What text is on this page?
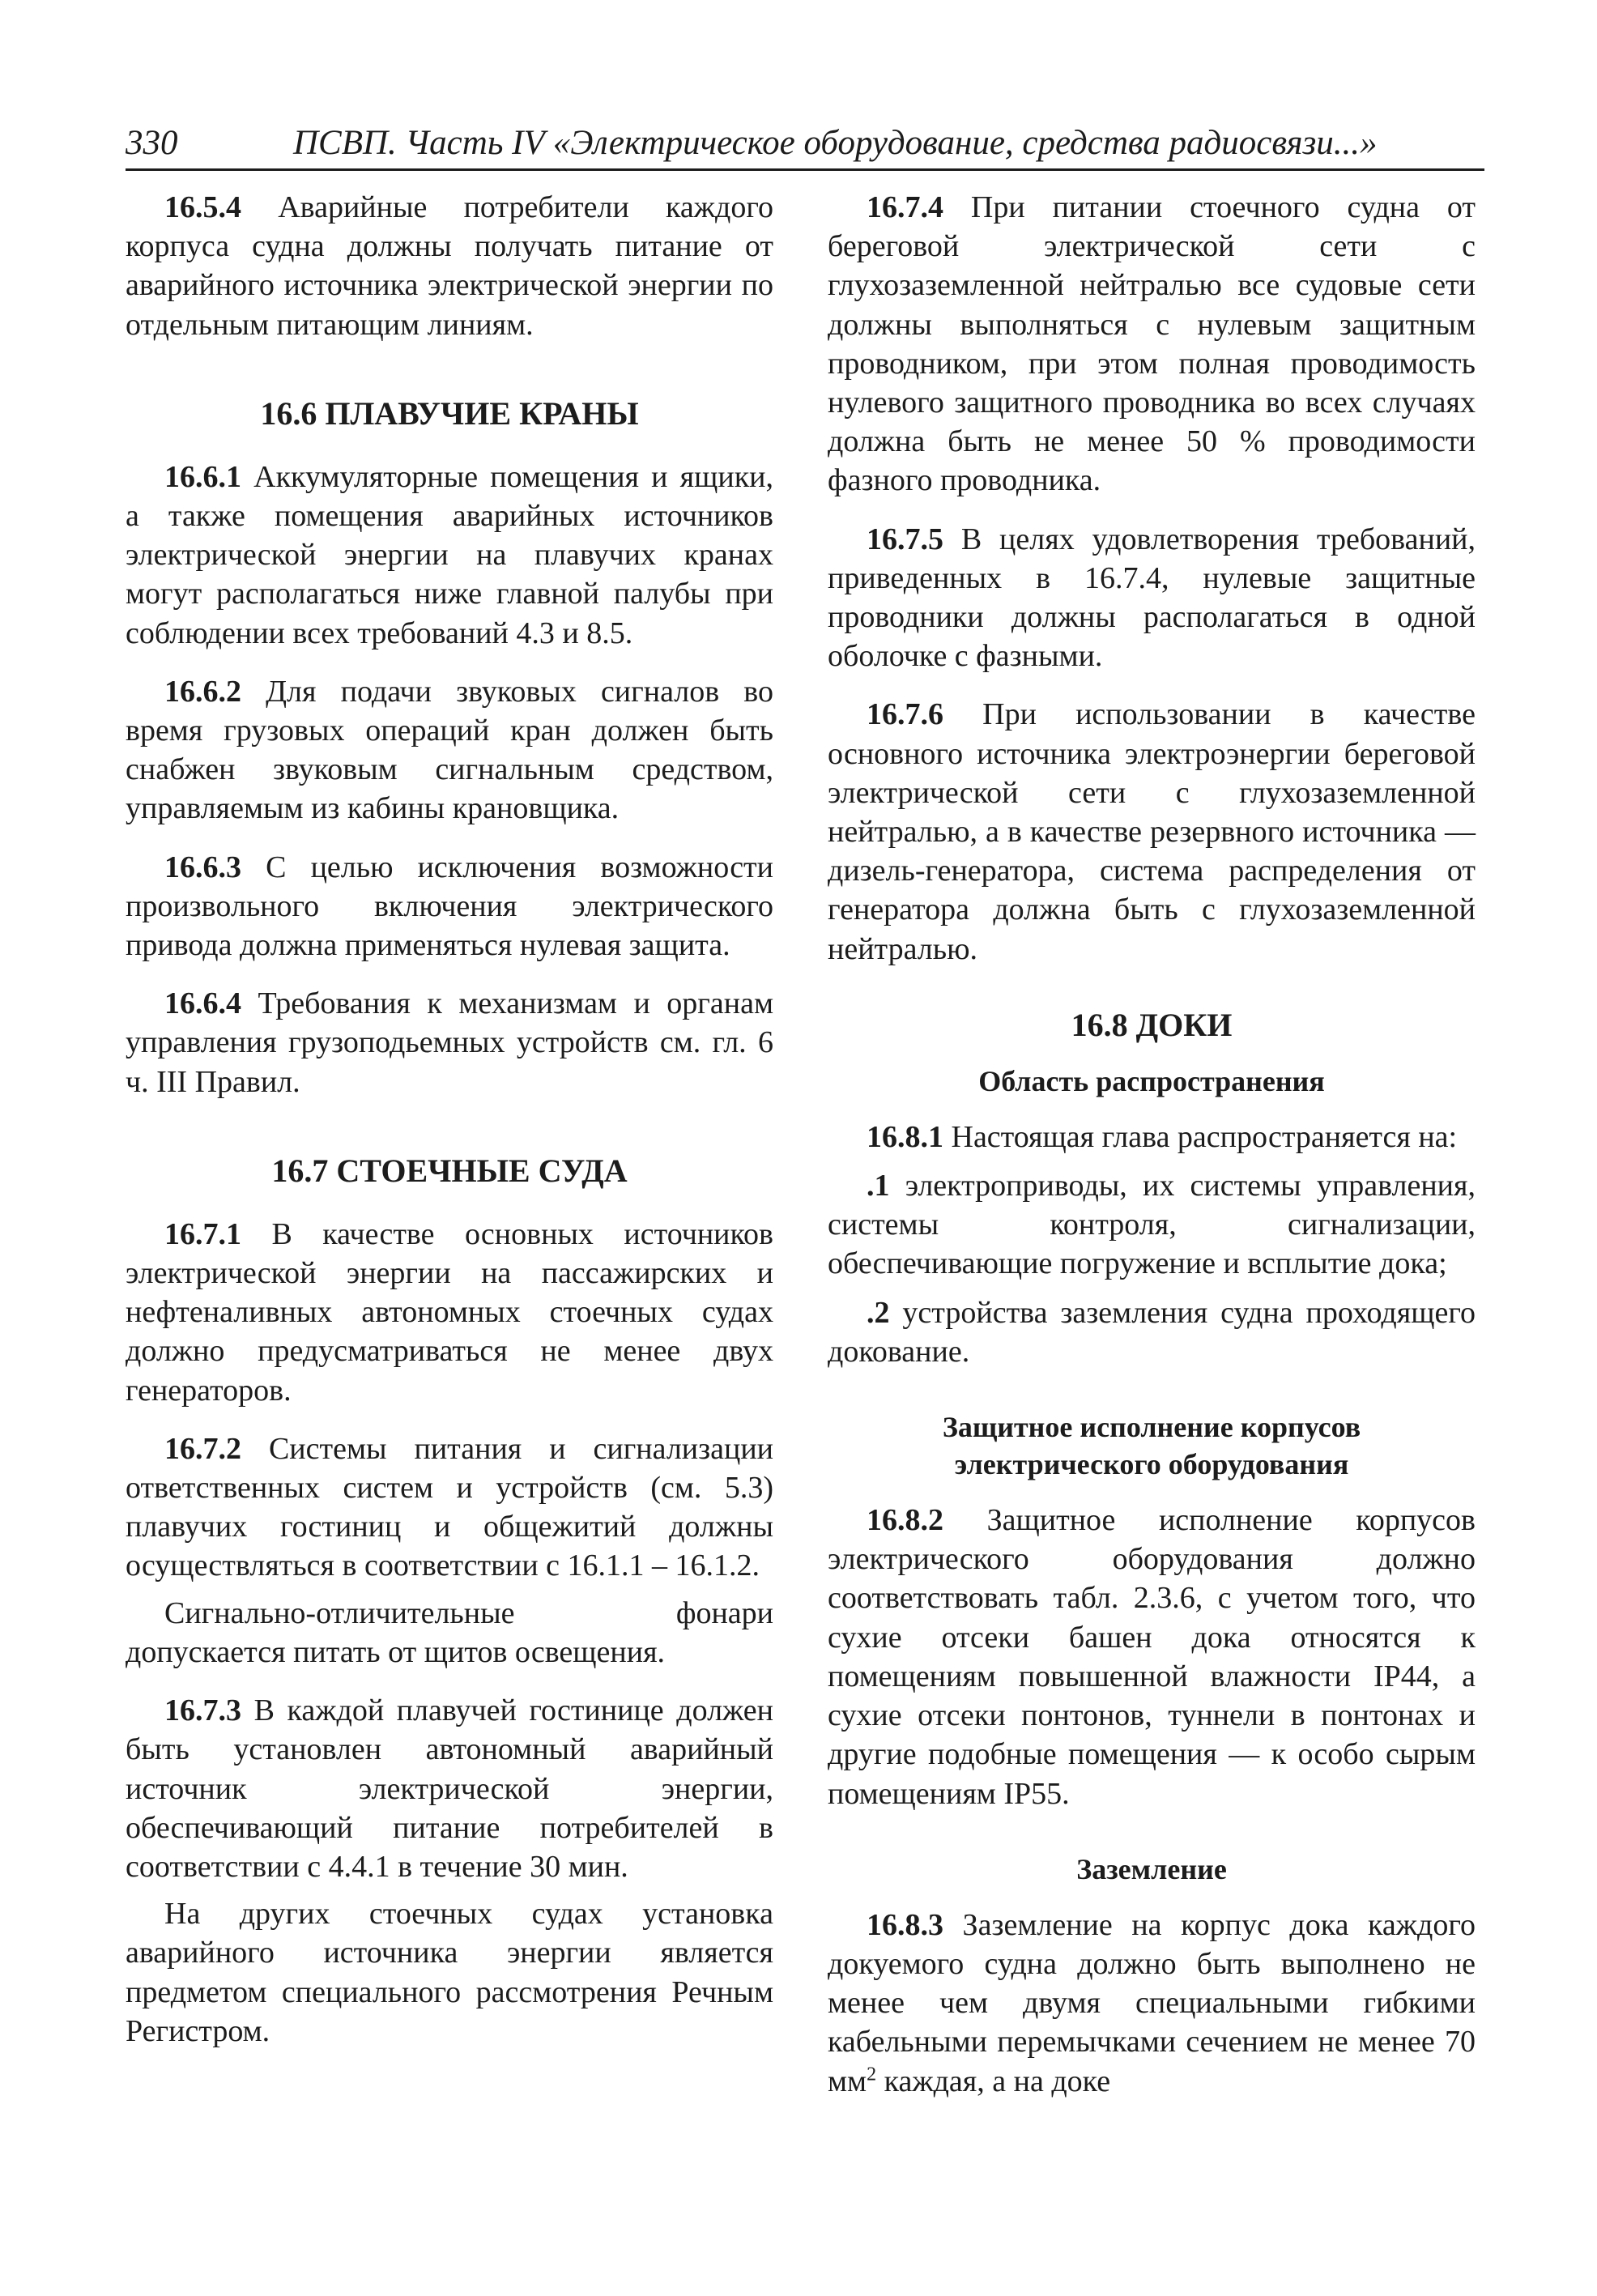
330	ПСВП. Часть IV «Электрическое оборудование, средства радиосвязи...»

16.5.4 Аварийные потребители каждого корпуса судна должны получать питание от аварийного источника электрической энергии по отдельным питающим линиям.

16.6 ПЛАВУЧИЕ КРАНЫ

16.6.1 Аккумуляторные помещения и ящики, а также помещения аварийных источников электрической энергии на плавучих кранах могут располагаться ниже главной палубы при соблюдении всех требований 4.3 и 8.5.

16.6.2 Для подачи звуковых сигналов во время грузовых операций кран должен быть снабжен звуковым сигнальным средством, управляемым из кабины крановщика.

16.6.3 С целью исключения возможности произвольного включения электрического привода должна применяться нулевая защита.

16.6.4 Требования к механизмам и органам управления грузоподьемных устройств см. гл. 6 ч. III Правил.

16.7 СТОЕЧНЫЕ СУДА

16.7.1 В качестве основных источников электрической энергии на пассажирских и нефтеналивных автономных стоечных судах должно предусматриваться не менее двух генераторов.

16.7.2 Системы питания и сигнализации ответственных систем и устройств (см. 5.3) плавучих гостиниц и общежитий должны осуществляться в соответствии с 16.1.1 – 16.1.2.

Сигнально-отличительные фонари допускается питать от щитов освещения.

16.7.3 В каждой плавучей гостинице должен быть установлен автономный аварийный источник электрической энергии, обеспечивающий питание потребителей в соответствии с 4.4.1 в течение 30 мин.

На других стоечных судах установка аварийного источника энергии является предметом специального рассмотрения Речным Регистром.

16.7.4 При питании стоечного судна от береговой электрической сети с глухозаземленной нейтралью все судовые сети должны выполняться с нулевым защитным проводником, при этом полная проводимость нулевого защитного проводника во всех случаях должна быть не менее 50 % проводимости фазного проводника.

16.7.5 В целях удовлетворения требований, приведенных в 16.7.4, нулевые защитные проводники должны располагаться в одной оболочке с фазными.

16.7.6 При использовании в качестве основного источника электроэнергии береговой электрической сети с глухозаземленной нейтралью, а в качестве резервного источника — дизель-генератора, система распределения от генератора должна быть с глухозаземленной нейтралью.

16.8 ДОКИ
Область распространения

16.8.1 Настоящая глава распространяется на:

.1 электроприводы, их системы управления, системы контроля, сигнализации, обеспечивающие погружение и всплытие дока;

.2 устройства заземления судна проходящего докование.

Защитное исполнение корпусов
электрического оборудования

16.8.2 Защитное исполнение корпусов электрического оборудования должно соответствовать табл. 2.3.6, с учетом того, что сухие отсеки башен дока относятся к помещениям повышенной влажности IP44, а сухие отсеки понтонов, туннели в понтонах и другие подобные помещения — к особо сырым помещениям IP55.

Заземление

16.8.3 Заземление на корпус дока каждого докуемого судна должно быть выполнено не менее чем двумя специальными гибкими кабельными перемычками сечением не менее 70 $мм^2$ каждая, а на доке
